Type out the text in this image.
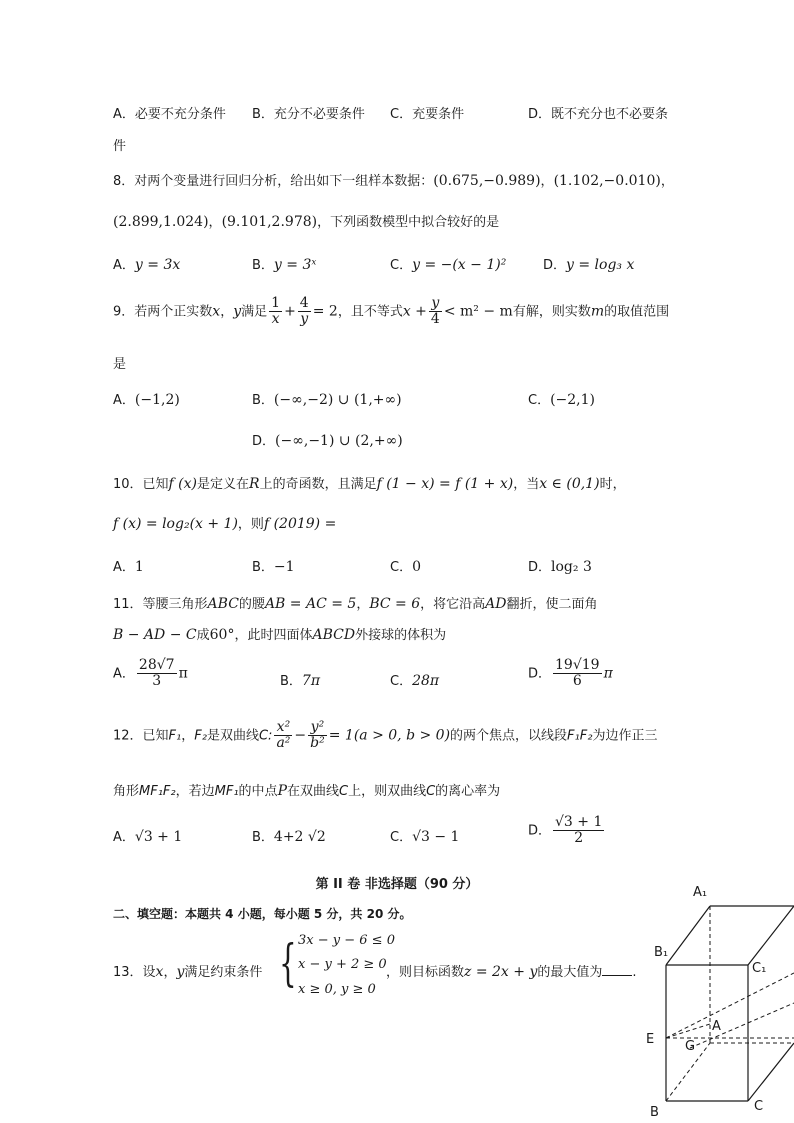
A．必要不充分条件 B．充分不必要条件 C．充要条件	D．既不充分也不必要条
件
8．对两个变量进行回归分析，给出如下一组样本数据：(0.675,−0.989)，(1.102,−0.010)，
(2.899,1.024)，(9.101,2.978)，下列函数模型中拟合较好的是
A．y = 3x	B．y = 3ˣ	C．y = −(x − 1)²	D．y = log₃ x
9．若两个正实数x，y满足 $\frac{1}{x} + \frac{4}{y} = 2$，且不等式$x + \frac{y}{4} < m^2 - m$有解，则实数m的取值范围
是
A．(−1,2)	B．(−∞,−2) ∪ (1,+∞)	C．(−2,1)
D．(−∞,−1) ∪ (2,+∞)
10．已知f (x)是定义在R上的奇函数，且满足f (1 − x) = f (1 + x)，当x ∈ (0,1)时，
f (x) = log₂(x + 1)，则f (2019) =
A．1	B．−1	C．0	D．log₂ 3
11．等腰三角形ABC的腰AB = AC = 5，BC = 6，将它沿高AD翻折，使二面角
B − AD − C成60°，此时四面体ABCD外接球的体积为
A． $\frac{28√7}{3}$ π
B．7π	C．28π	D． $\frac{19√19}{6}$ π
12．已知F₁，F₂是双曲线C: $\frac{\text{x²}}{\text{a²}} - \frac{\text{y²}}{\text{b²}} = 1(a > 0$, b > 0)的两个焦点，以线段F₁F₂为边作正三
角形MF₁F₂，若边MF₁的中点P在双曲线C上，则双曲线C的离心率为
A．√3 + 1	B．4+2 √2	C．√3 − 1	D． $\frac{√3 + 1}{2}$
第 II 卷 非选择题（90 分）
二、填空题：本题共 4 小题，每小题 5 分，共 20 分。
13．设x，y满足约束条件 { 3x − y − 6 ≤ 0
x − y + 2 ≥ 0
x ≥ 0, y ≥ 0
，则目标函数z = 2x + y的最大值为 .
A₁
B₁
C₁
E
A
G
B	C
